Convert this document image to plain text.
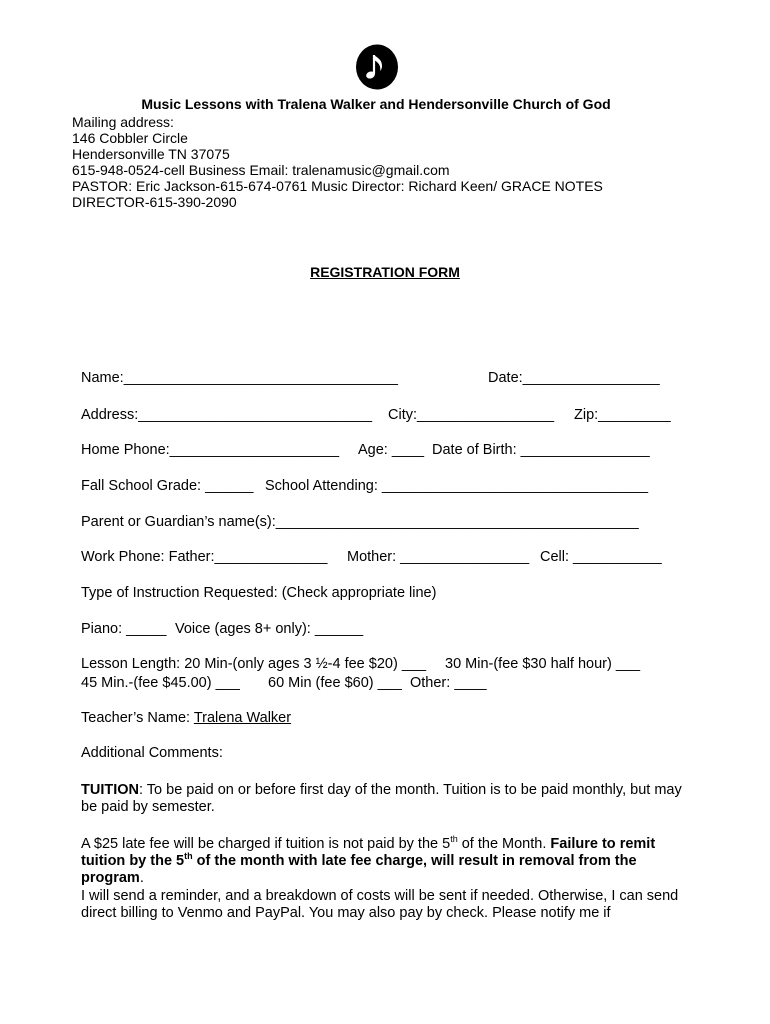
Music Lessons with Tralena Walker and Hendersonville Church of God
Mailing address:
146 Cobbler Circle
Hendersonville TN 37075
615-948-0524-cell Business Email: tralenamusic@gmail.com
PASTOR: Eric Jackson-615-674-0761 Music Director: Richard Keen/ GRACE NOTES
DIRECTOR-615-390-2090
REGISTRATION FORM
Name:__________________________________	Date:_________________
Address:_____________________________ City:_________________ Zip:_________
Home Phone:_____________________ Age: ____ Date of Birth: ________________
Fall School Grade: ______ School Attending: _________________________________
Parent or Guardian’s name(s):_____________________________________________
Work Phone: Father:______________ Mother: ________________ Cell: ___________
Type of Instruction Requested: (Check appropriate line)
Piano: _____ Voice (ages 8+ only): ______
Lesson Length: 20 Min-(only ages 3 ½-4 fee $20) ___ 30 Min-(fee $30 half hour) ___
45 Min.-(fee $45.00) ___ 60 Min (fee $60) ___ Other: ____
Teacher’s Name: Tralena Walker
Additional Comments:
TUITION: To be paid on or before first day of the month. Tuition is to be paid monthly, but may be paid by semester.
A $25 late fee will be charged if tuition is not paid by the 5th of the Month. Failure to remit tuition by the 5th of the month with late fee charge, will result in removal from the program.
I will send a reminder, and a breakdown of costs will be sent if needed. Otherwise, I can send direct billing to Venmo and PayPal. You may also pay by check. Please notify me if
